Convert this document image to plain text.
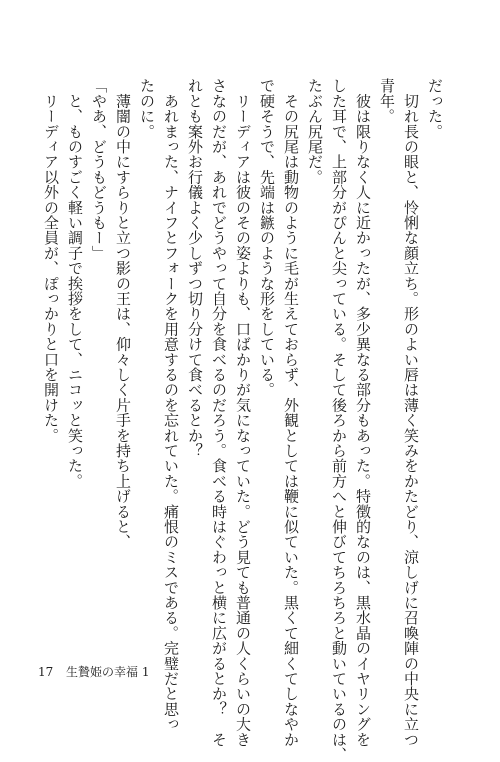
だった。
　切れ長の眼と、怜悧な顔立ち。形のよい唇は薄く笑みをかたどり、涼しげに召喚陣の中央に立つ
青年。
　彼は限りなく人に近かったが、多少異なる部分もあった。特徴的なのは、黒水晶のイヤリングを
した耳で、上部分がぴんと尖っている。そして後ろから前方へと伸びてちろちろと動いているのは、
たぶん尻尾だ。
　その尻尾は動物のように毛が生えておらず、外観としては鞭に似ていた。黒くて細くてしなやか
で硬そうで、先端は鏃のような形をしている。
　リーディアは彼のその姿よりも、口ばかりが気になっていた。どう見ても普通の人くらいの大き
さなのだが、あれでどうやって自分を食べるのだろう。食べる時はぐわっと横に広がるとか？　そ
れとも案外お行儀よく少しずつ切り分けて食べるとか？
　あれまった、ナイフとフォークを用意するのを忘れていた。痛恨のミスである。完璧だと思っ
たのに。
　薄闇の中にすらりと立つ影の王は、仰々しく片手を持ち上げると、
「やあ、どうもどうもー」
　と、ものすごく軽い調子で挨拶をして、ニコッと笑った。
　リーディア以外の全員が、ぽっかりと口を開けた。
17 生贄姫の幸福 1
